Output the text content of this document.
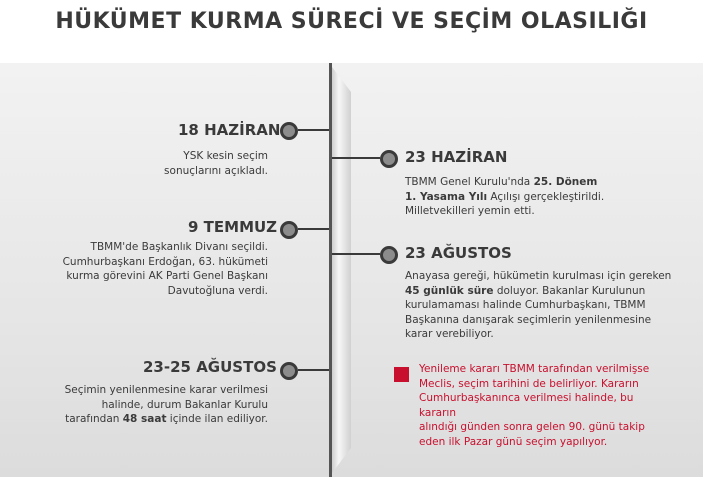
HÜKÜMET KURMA SÜRECİ VE SEÇİM OLASILIĞI
18 HAZİRAN
YSK kesin seçim
sonuçlarını açıkladı.
23 HAZİRAN
TBMM Genel Kurulu'nda 25. Dönem
1. Yasama Yılı Açılışı gerçekleştirildi.
Milletvekilleri yemin etti.
9 TEMMUZ
TBMM'de Başkanlık Divanı seçildi.
Cumhurbaşkanı Erdoğan, 63. hükümeti
kurma görevini AK Parti Genel Başkanı
Davutoğluna verdi.
23 AĞUSTOS
Anayasa gereği, hükümetin kurulması için gereken
45 günlük süre doluyor. Bakanlar Kurulunun
kurulamaması halinde Cumhurbaşkanı, TBMM
Başkanına danışarak seçimlerin yenilenmesine
karar verebiliyor.
23-25 AĞUSTOS
Seçimin yenilenmesine karar verilmesi
halinde, durum Bakanlar Kurulu
tarafından 48 saat içinde ilan ediliyor.
Yenileme kararı TBMM tarafından verilmişse
Meclis, seçim tarihini de belirliyor. Kararın
Cumhurbaşkanınca verilmesi halinde, bu kararın
alındığı günden sonra gelen 90. günü takip
eden ilk Pazar günü seçim yapılıyor.
